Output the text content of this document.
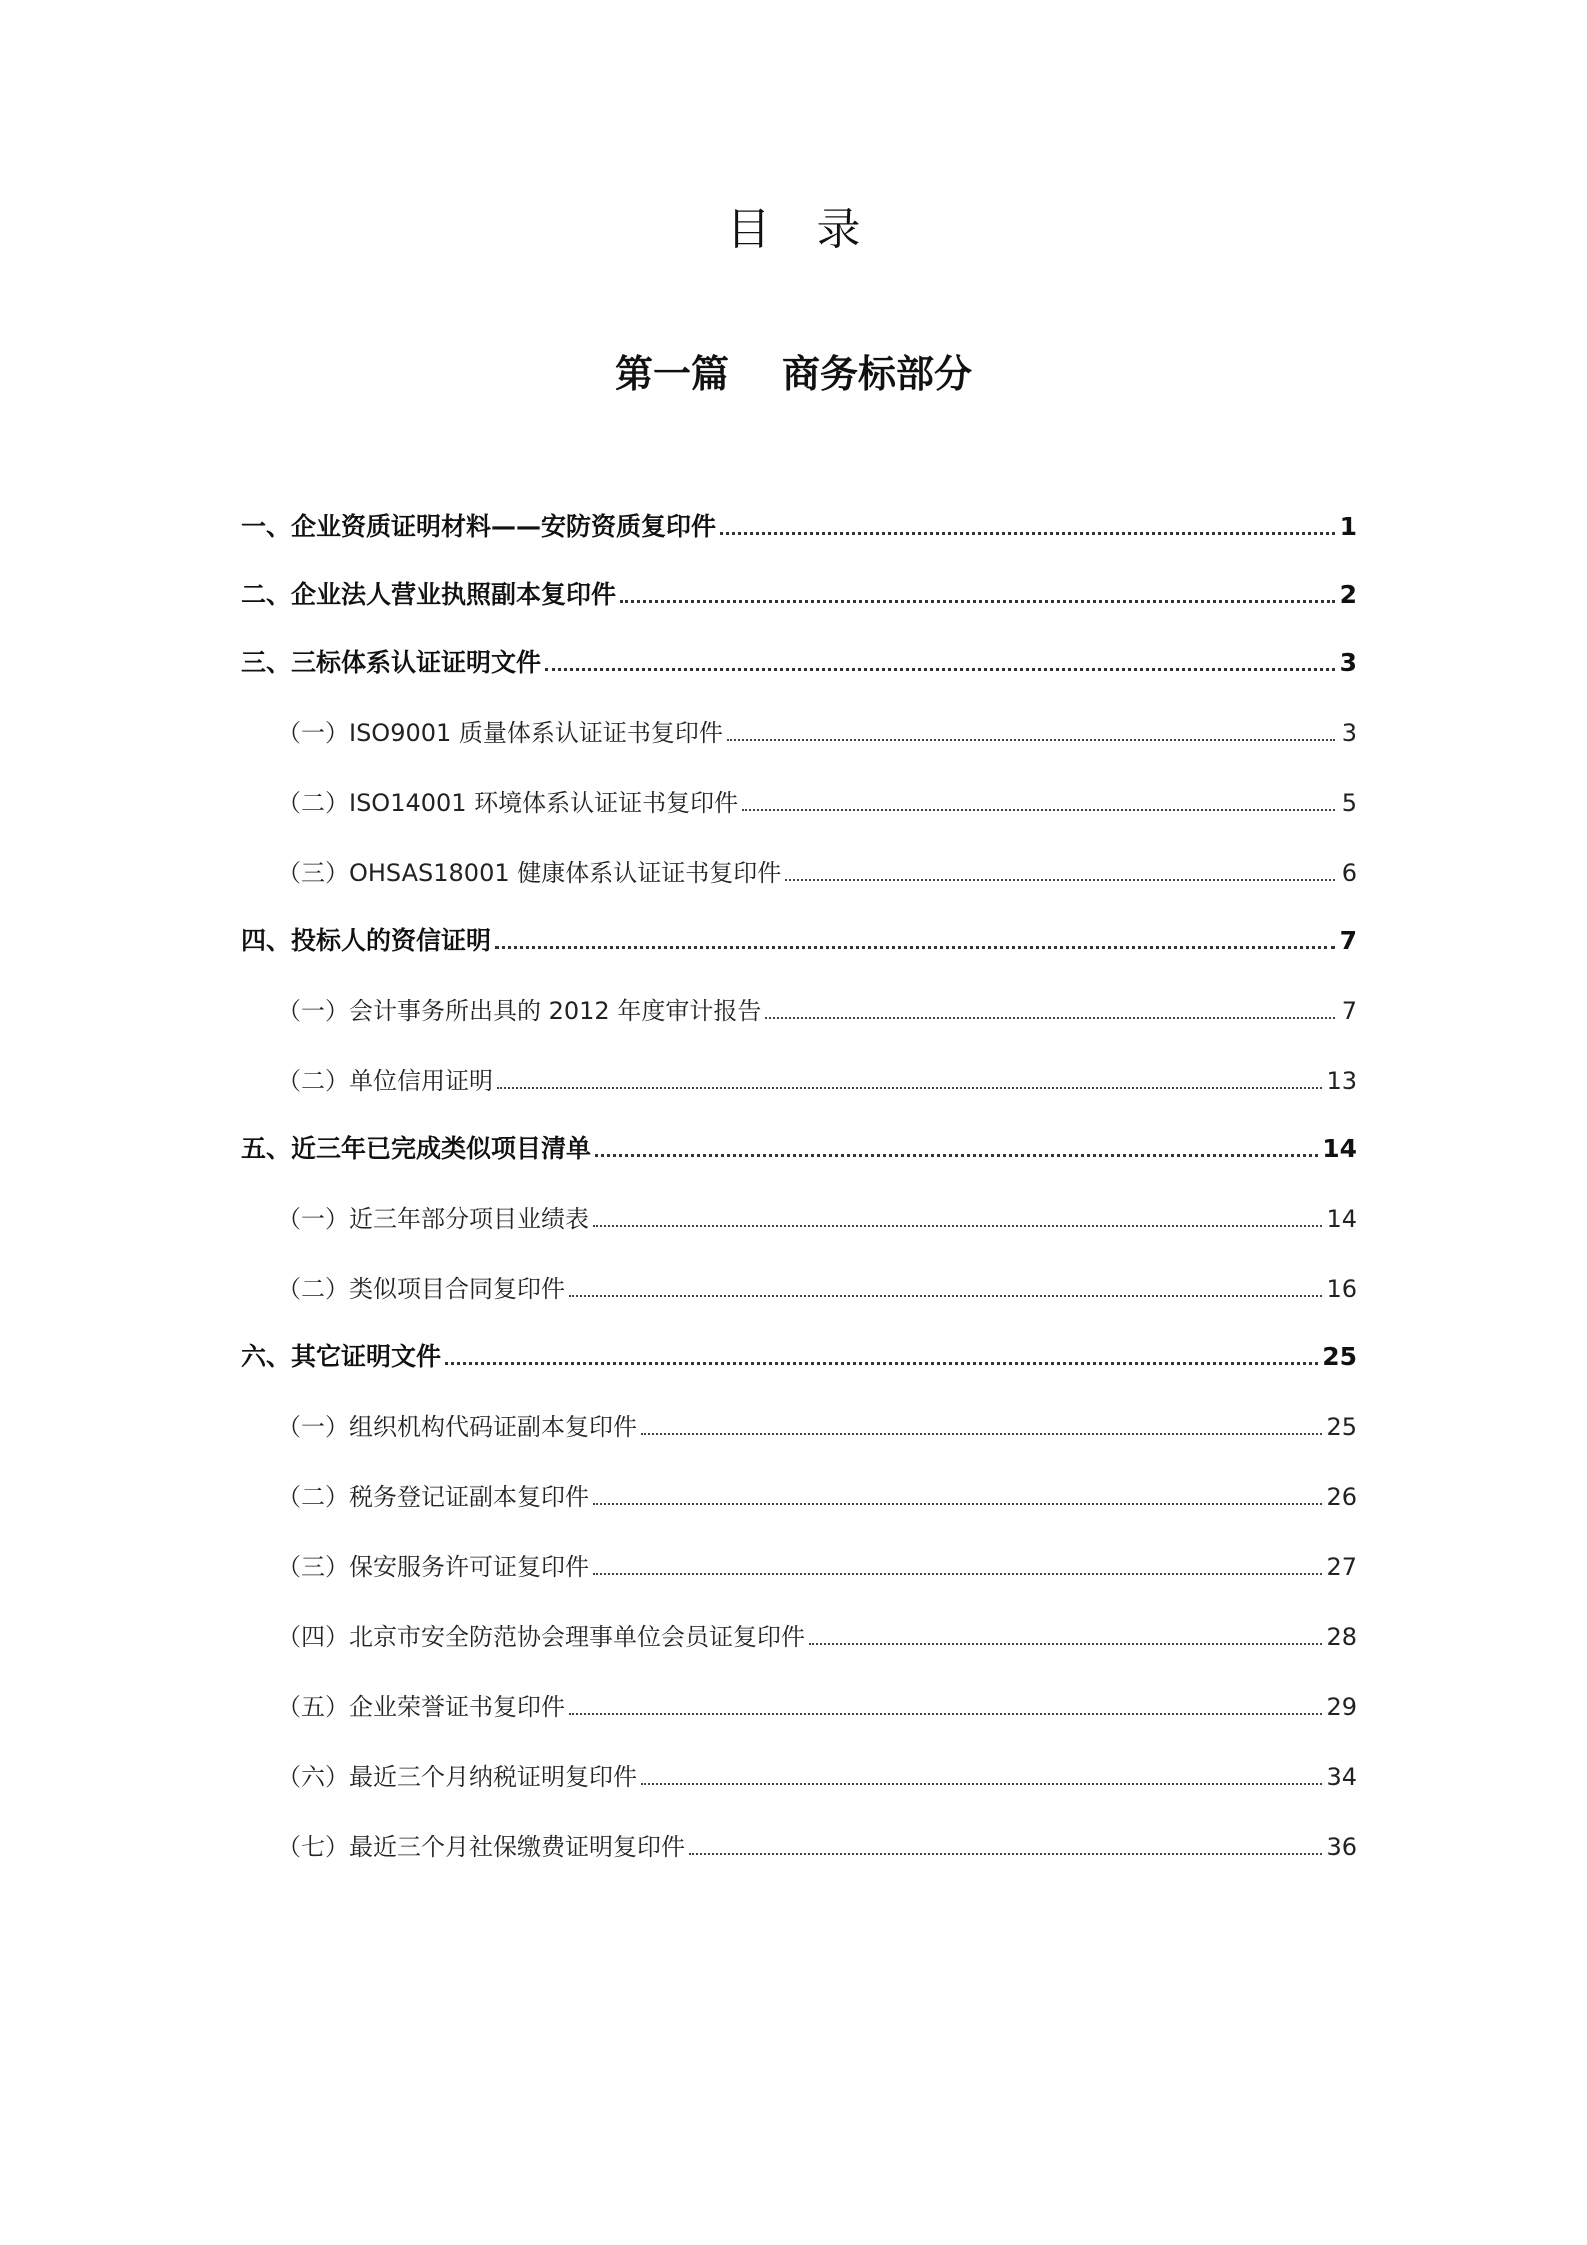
目录
第一篇    商务标部分
一、企业资质证明材料——安防资质复印件	1
二、企业法人营业执照副本复印件	2
三、三标体系认证证明文件	3
（一）ISO9001 质量体系认证证书复印件	3
（二）ISO14001 环境体系认证证书复印件	5
（三）OHSAS18001 健康体系认证证书复印件	6
四、投标人的资信证明	7
（一）会计事务所出具的 2012 年度审计报告	7
（二）单位信用证明	13
五、近三年已完成类似项目清单	14
（一）近三年部分项目业绩表	14
（二）类似项目合同复印件	16
六、其它证明文件	25
（一）组织机构代码证副本复印件	25
（二）税务登记证副本复印件	26
（三）保安服务许可证复印件	27
（四）北京市安全防范协会理事单位会员证复印件	28
（五）企业荣誉证书复印件	29
（六）最近三个月纳税证明复印件	34
（七）最近三个月社保缴费证明复印件	36
